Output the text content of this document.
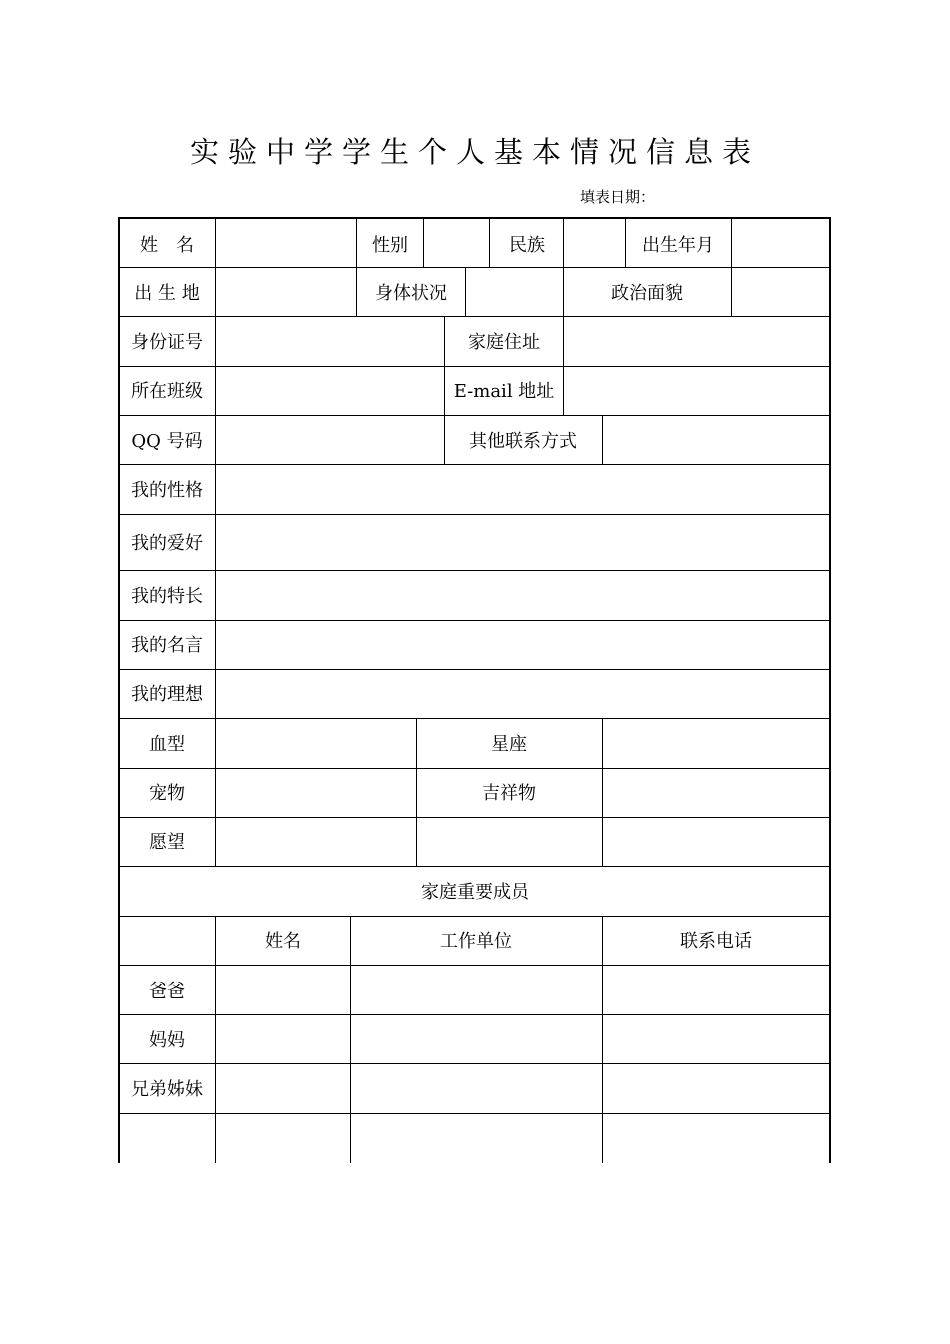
实验中学学生个人基本情况信息表
填表日期：
姓　名	性别	民族	出生年月
出 生 地	身体状况	政治面貌
身份证号	家庭住址
所在班级	E-mail 地址
QQ 号码	其他联系方式
我的性格
我的爱好
我的特长
我的名言
我的理想
血型	星座
宠物	吉祥物
愿望
家庭重要成员
姓名	工作单位	联系电话
爸爸
妈妈
兄弟姊妹
